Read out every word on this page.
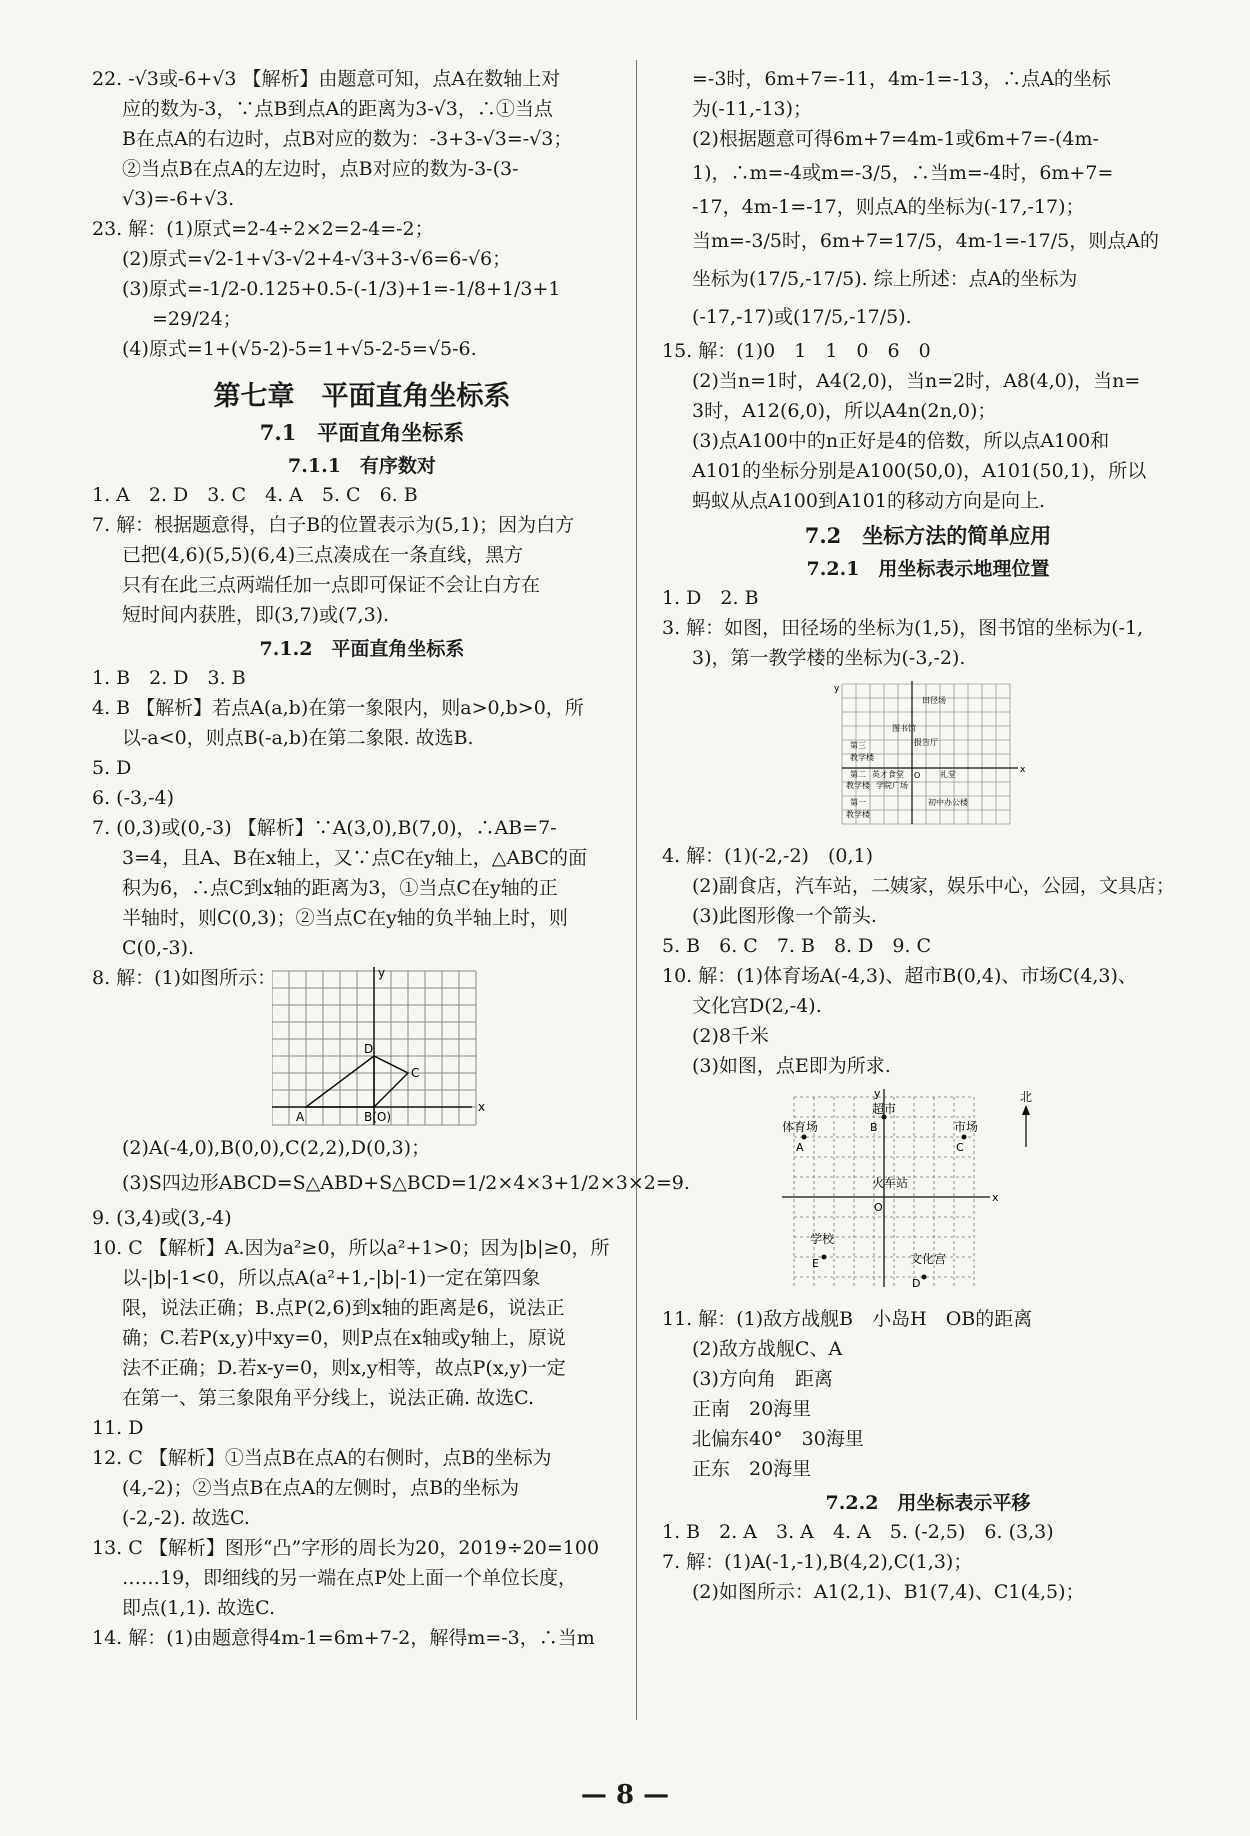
22. -√3或-6+√3 【解析】由题意可知，点A在数轴上对

应的数为-3，∵点B到点A的距离为3-√3，∴①当点

B在点A的右边时，点B对应的数为：-3+3-√3=-√3；

②当点B在点A的左边时，点B对应的数为-3-(3-

√3)=-6+√3.

23. 解：(1)原式=2-4÷2×2=2-4=-2；

(2)原式=√2-1+√3-√2+4-√3+3-√6=6-√6；

(3)原式=-1/2-0.125+0.5-(-1/3)+1=-1/8+1/3+1

=29/24；

(4)原式=1+(√5-2)-5=1+√5-2-5=√5-6.

第七章　平面直角坐标系
7.1　平面直角坐标系
7.1.1　有序数对

1. A　2. D　3. C　4. A　5. C　6. B

7. 解：根据题意得，白子B的位置表示为(5,1)；因为白方

已把(4,6)(5,5)(6,4)三点凑成在一条直线，黑方

只有在此三点两端任加一点即可保证不会让白方在

短时间内获胜，即(3,7)或(7,3).

7.1.2　平面直角坐标系

1. B　2. D　3. B

4. B 【解析】若点A(a,b)在第一象限内，则a>0,b>0，所

以-a<0，则点B(-a,b)在第二象限. 故选B.

5. D

6. (-3,-4)

7. (0,3)或(0,-3) 【解析】∵A(3,0),B(7,0)，∴AB=7-

3=4，且A、B在x轴上，又∵点C在y轴上，△ABC的面

积为6，∴点C到x轴的距离为3，①当点C在y轴的正

半轴时，则C(0,3)；②当点C在y轴的负半轴上时，则

C(0,-3).

8. 解：(1)如图所示：	y
x
A	B(O)
C
D

(2)A(-4,0),B(0,0),C(2,2),D(0,3)；

(3)S四边形ABCD=S△ABD+S△BCD=1/2×4×3+1/2×3×2=9.

9. (3,4)或(3,-4)

10. C 【解析】A.因为a²≥0，所以a²+1>0；因为|b|≥0，所

以-|b|-1<0，所以点A(a²+1,-|b|-1)一定在第四象

限，说法正确；B.点P(2,6)到x轴的距离是6，说法正

确；C.若P(x,y)中xy=0，则P点在x轴或y轴上，原说

法不正确；D.若x-y=0，则x,y相等，故点P(x,y)一定

在第一、第三象限角平分线上，说法正确. 故选C.

11. D

12. C 【解析】①当点B在点A的右侧时，点B的坐标为

(4,-2)；②当点B在点A的左侧时，点B的坐标为

(-2,-2). 故选C.

13. C 【解析】图形“凸”字形的周长为20，2019÷20=100

……19，即细线的另一端在点P处上面一个单位长度，

即点(1,1). 故选C.

14. 解：(1)由题意得4m-1=6m+7-2，解得m=-3，∴当m

=-3时，6m+7=-11，4m-1=-13，∴点A的坐标

为(-11,-13)；

(2)根据题意可得6m+7=4m-1或6m+7=-(4m-

1)，∴m=-4或m=-3/5，∴当m=-4时，6m+7=

-17，4m-1=-17，则点A的坐标为(-17,-17)；

当m=-3/5时，6m+7=17/5，4m-1=-17/5，则点A的

坐标为(17/5,-17/5). 综上所述：点A的坐标为

(-17,-17)或(17/5,-17/5).

15. 解：(1)0　1　1　0　6　0

(2)当n=1时，A4(2,0)，当n=2时，A8(4,0)，当n=

3时，A12(6,0)，所以A4n(2n,0)；

(3)点A100中的n正好是4的倍数，所以点A100和

A101的坐标分别是A100(50,0)，A101(50,1)，所以

蚂蚁从点A100到A101的移动方向是向上.

7.2　坐标方法的简单应用
7.2.1　用坐标表示地理位置

1. D　2. B

3. 解：如图，田径场的坐标为(1,5)，图书馆的坐标为(-1,

3)，第一教学楼的坐标为(-3,-2).

y
x
O
田径场
图书馆
第三
教学楼
报告厅
第二
教学楼
英才食堂
学院广场
礼堂
第一
教学楼
初中办公楼

4. 解：(1)(-2,-2)　(0,1)

(2)副食店，汽车站，二姨家，娱乐中心，公园，文具店；

(3)此图形像一个箭头.

5. B　6. C　7. B　8. D　9. C

10. 解：(1)体育场A(-4,3)、超市B(0,4)、市场C(4,3)、

文化宫D(2,-4).

(2)8千米

(3)如图，点E即为所求.

x
y
O
体育场
A
超市
B	市场
C
火车站
学校
E	文化宫
D
北

11. 解：(1)敌方战舰B　小岛H　OB的距离

(2)敌方战舰C、A

(3)方向角　距离

正南　20海里

北偏东40°　30海里

正东　20海里

7.2.2　用坐标表示平移

1. B　2. A　3. A　4. A　5. (-2,5)　6. (3,3)

7. 解：(1)A(-1,-1),B(4,2),C(1,3)；

(2)如图所示：A1(2,1)、B1(7,4)、C1(4,5)；

— 8 —
